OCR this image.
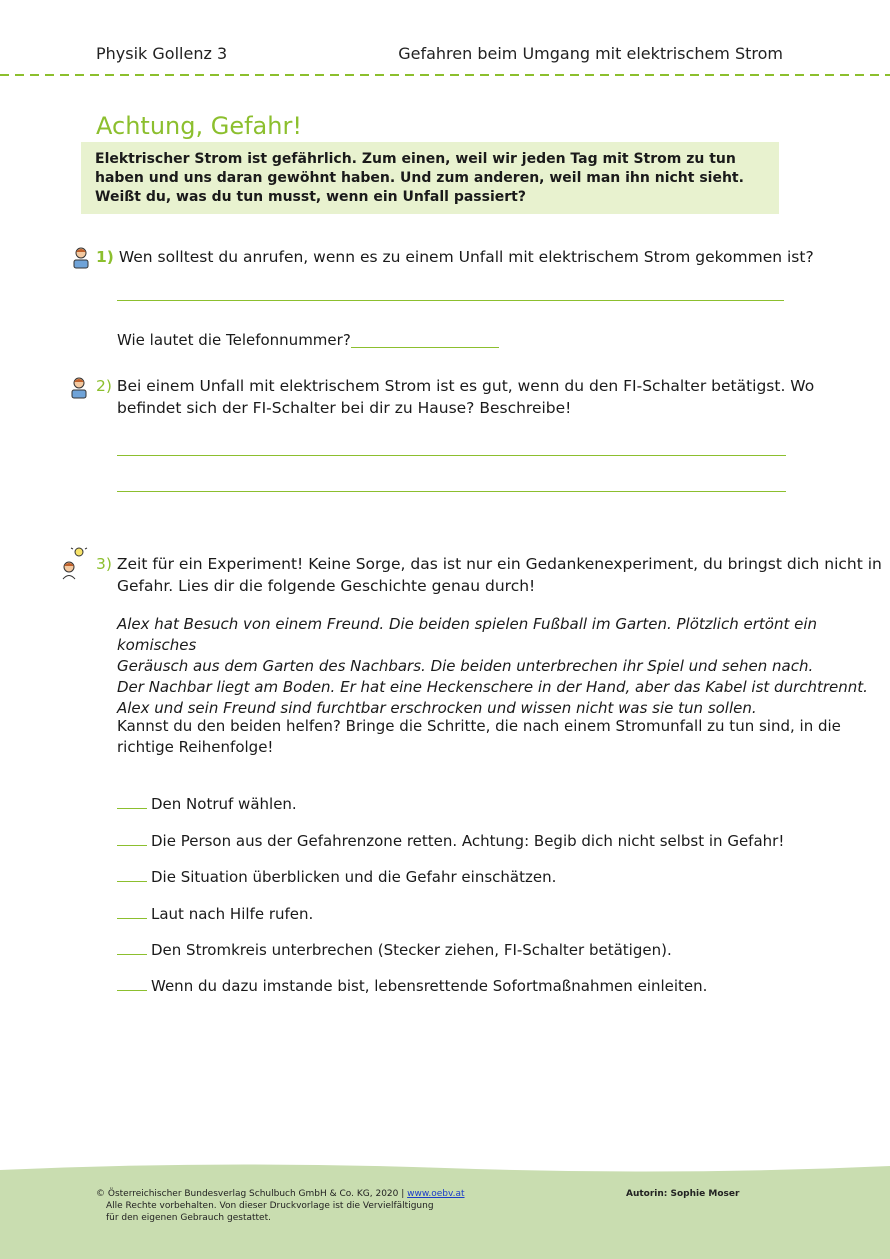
Physik Gollenz 3	Gefahren beim Umgang mit elektrischem Strom
Achtung, Gefahr!
Elektrischer Strom ist gefährlich. Zum einen, weil wir jeden Tag mit Strom zu tun haben und uns daran gewöhnt haben. Und zum anderen, weil man ihn nicht sieht. Weißt du, was du tun musst, wenn ein Unfall passiert?
1) Wen solltest du anrufen, wenn es zu einem Unfall mit elektrischem Strom gekommen ist?
Wie lautet die Telefonnummer?
2) Bei einem Unfall mit elektrischem Strom ist es gut, wenn du den FI-Schalter betätigst. Wo
befindet sich der FI-Schalter bei dir zu Hause? Beschreibe!
3) Zeit für ein Experiment! Keine Sorge, das ist nur ein Gedankenexperiment, du bringst dich nicht in
Gefahr. Lies dir die folgende Geschichte genau durch!
Alex hat Besuch von einem Freund. Die beiden spielen Fußball im Garten. Plötzlich ertönt ein komisches
Geräusch aus dem Garten des Nachbars. Die beiden unterbrechen ihr Spiel und sehen nach.
Der Nachbar liegt am Boden. Er hat eine Heckenschere in der Hand, aber das Kabel ist durchtrennt.
Alex und sein Freund sind furchtbar erschrocken und wissen nicht was sie tun sollen.
Kannst du den beiden helfen? Bringe die Schritte, die nach einem Stromunfall zu tun sind, in die
richtige Reihenfolge!
Den Notruf wählen.
Die Person aus der Gefahrenzone retten. Achtung: Begib dich nicht selbst in Gefahr!
Die Situation überblicken und die Gefahr einschätzen.
Laut nach Hilfe rufen.
Den Stromkreis unterbrechen (Stecker ziehen, FI-Schalter betätigen).
Wenn du dazu imstande bist, lebensrettende Sofortmaßnahmen einleiten.
© Österreichischer Bundesverlag Schulbuch GmbH & Co. KG, 2020 | www.oebv.at
Alle Rechte vorbehalten. Von dieser Druckvorlage ist die Vervielfältigung
für den eigenen Gebrauch gestattet.
Autorin: Sophie Moser
